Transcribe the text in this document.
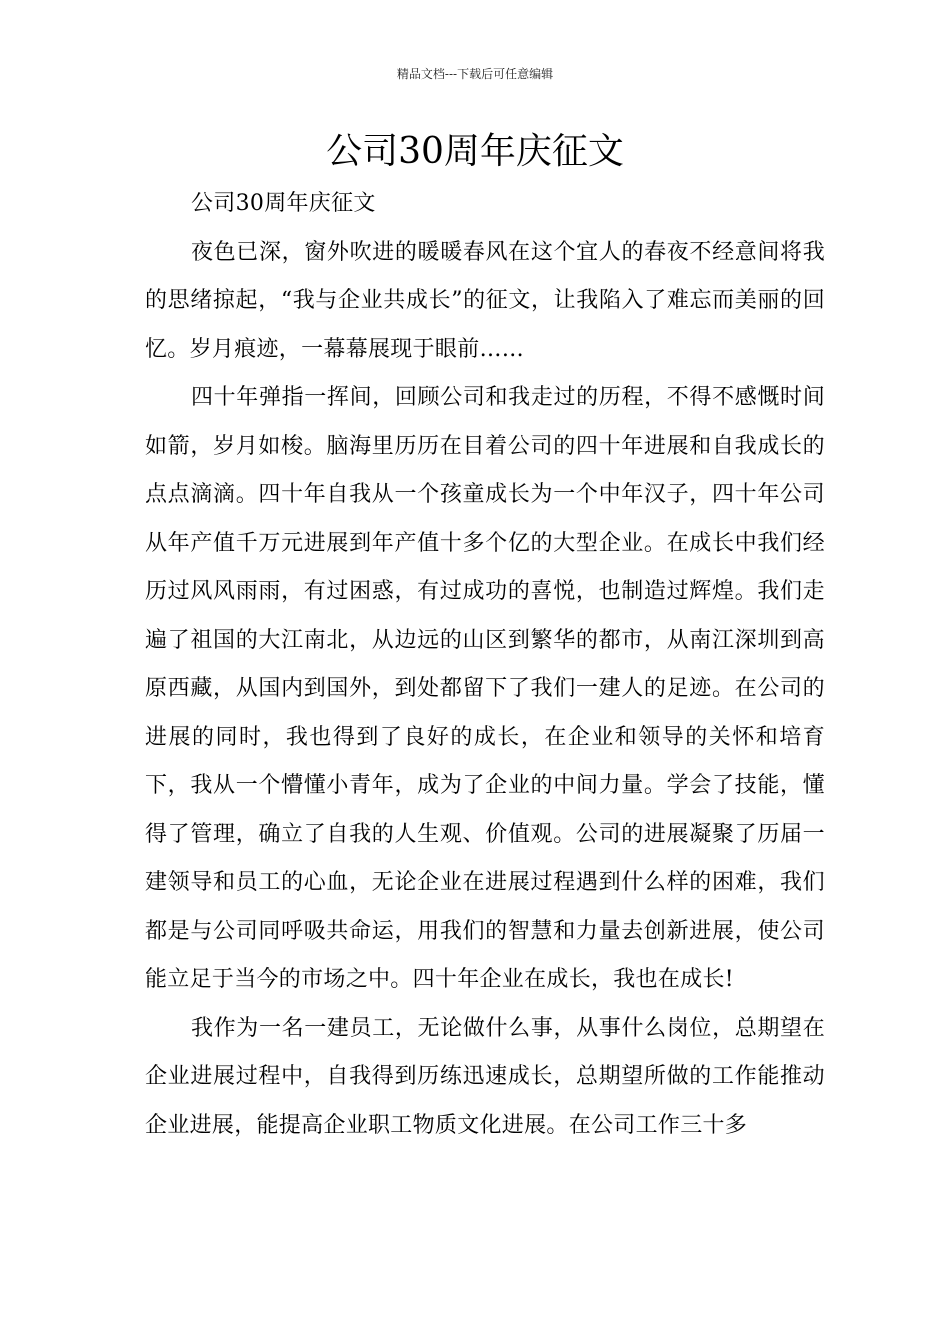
精品文档---下载后可任意编辑
公司30周年庆征文

公司30周年庆征文

夜色已深，窗外吹进的暖暖春风在这个宜人的春夜不经意间将我的思绪掠起，“我与企业共成长”的征文，让我陷入了难忘而美丽的回忆。岁月痕迹，一幕幕展现于眼前……

四十年弹指一挥间，回顾公司和我走过的历程，不得不感慨时间如箭，岁月如梭。脑海里历历在目着公司的四十年进展和自我成长的点点滴滴。四十年自我从一个孩童成长为一个中年汉子，四十年公司从年产值千万元进展到年产值十多个亿的大型企业。在成长中我们经历过风风雨雨，有过困惑，有过成功的喜悦，也制造过辉煌。我们走遍了祖国的大江南北，从边远的山区到繁华的都市，从南江深圳到高原西藏，从国内到国外，到处都留下了我们一建人的足迹。在公司的进展的同时，我也得到了良好的成长，在企业和领导的关怀和培育下，我从一个懵懂小青年，成为了企业的中间力量。学会了技能，懂得了管理，确立了自我的人生观、价值观。公司的进展凝聚了历届一建领导和员工的心血，无论企业在进展过程遇到什么样的困难，我们都是与公司同呼吸共命运，用我们的智慧和力量去创新进展，使公司能立足于当今的市场之中。四十年企业在成长，我也在成长!

我作为一名一建员工，无论做什么事，从事什么岗位，总期望在企业进展过程中，自我得到历练迅速成长，总期望所做的工作能推动企业进展，能提高企业职工物质文化进展。在公司工作三十多
